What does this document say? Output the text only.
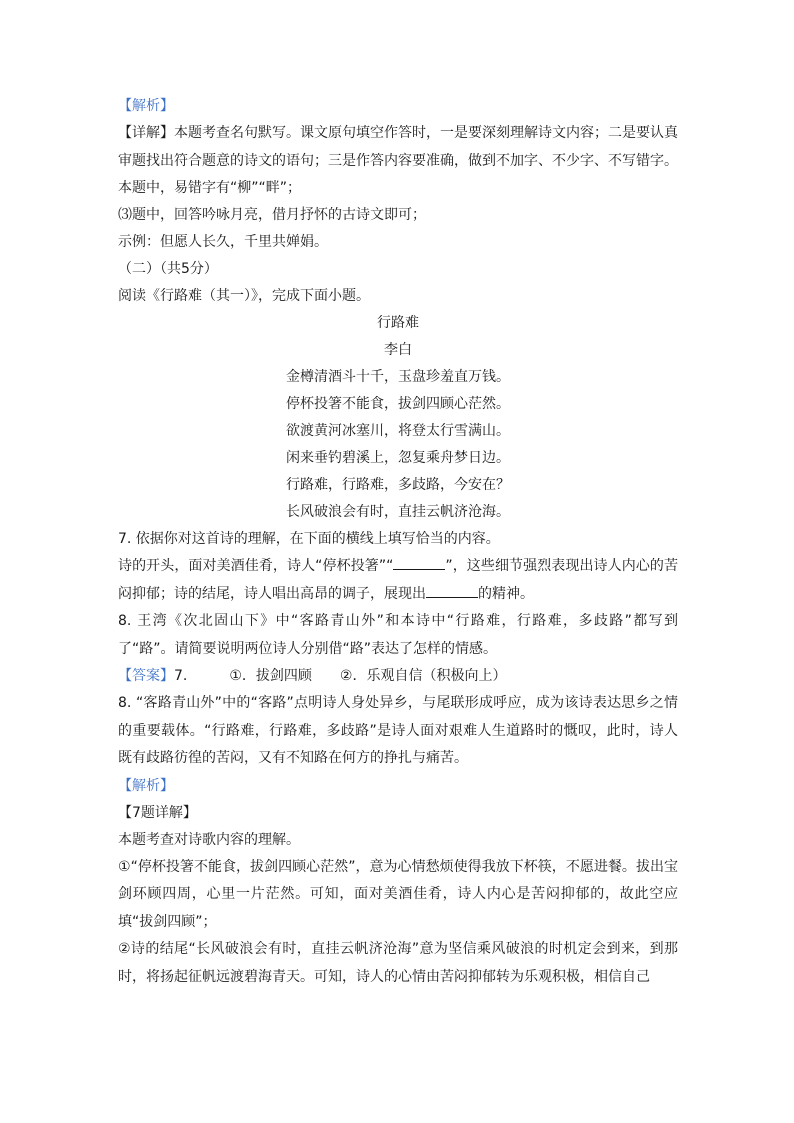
【解析】
【详解】本题考查名句默写。课文原句填空作答时，一是要深刻理解诗文内容；二是要认真审题找出符合题意的诗文的语句；三是作答内容要准确，做到不加字、不少字、不写错字。
本题中，易错字有“柳”“畔”；
⑶题中，回答吟咏月亮，借月抒怀的古诗文即可；
示例：但愿人长久，千里共婵娟。
（二）（共5分）
阅读《行路难（其一）》，完成下面小题。
行路难
李白
金樽清酒斗十千，玉盘珍羞直万钱。
停杯投箸不能食，拔剑四顾心茫然。
欲渡黄河冰塞川，将登太行雪满山。
闲来垂钓碧溪上，忽复乘舟梦日边。
行路难，行路难，多歧路，今安在？
长风破浪会有时，直挂云帆济沧海。
7. 依据你对这首诗的理解，在下面的横线上填写恰当的内容。
诗的开头，面对美酒佳肴，诗人“停杯投箸”“	”，这些细节强烈表现出诗人内心的苦闷抑郁；诗的结尾，诗人唱出高昂的调子，展现出	的精神。
8. 王湾《次北固山下》中“客路青山外”和本诗中“行路难，行路难，多歧路”都写到了“路”。请简要说明两位诗人分别借“路”表达了怎样的情感。
【答案】7.	①．拔剑四顾 ②．乐观自信（积极向上）
8. “客路青山外”中的“客路”点明诗人身处异乡，与尾联形成呼应，成为该诗表达思乡之情的重要载体。“行路难，行路难，多歧路”是诗人面对艰难人生道路时的慨叹，此时，诗人既有歧路彷徨的苦闷，又有不知路在何方的挣扎与痛苦。
【解析】
【7题详解】
本题考查对诗歌内容的理解。
①“停杯投箸不能食，拔剑四顾心茫然”，意为心情愁烦使得我放下杯筷，不愿进餐。拔出宝剑环顾四周，心里一片茫然。可知，面对美酒佳肴，诗人内心是苦闷抑郁的，故此空应填“拔剑四顾”；
②诗的结尾“长风破浪会有时，直挂云帆济沧海”意为坚信乘风破浪的时机定会到来，到那时，将扬起征帆远渡碧海青天。可知，诗人的心情由苦闷抑郁转为乐观积极，相信自己
